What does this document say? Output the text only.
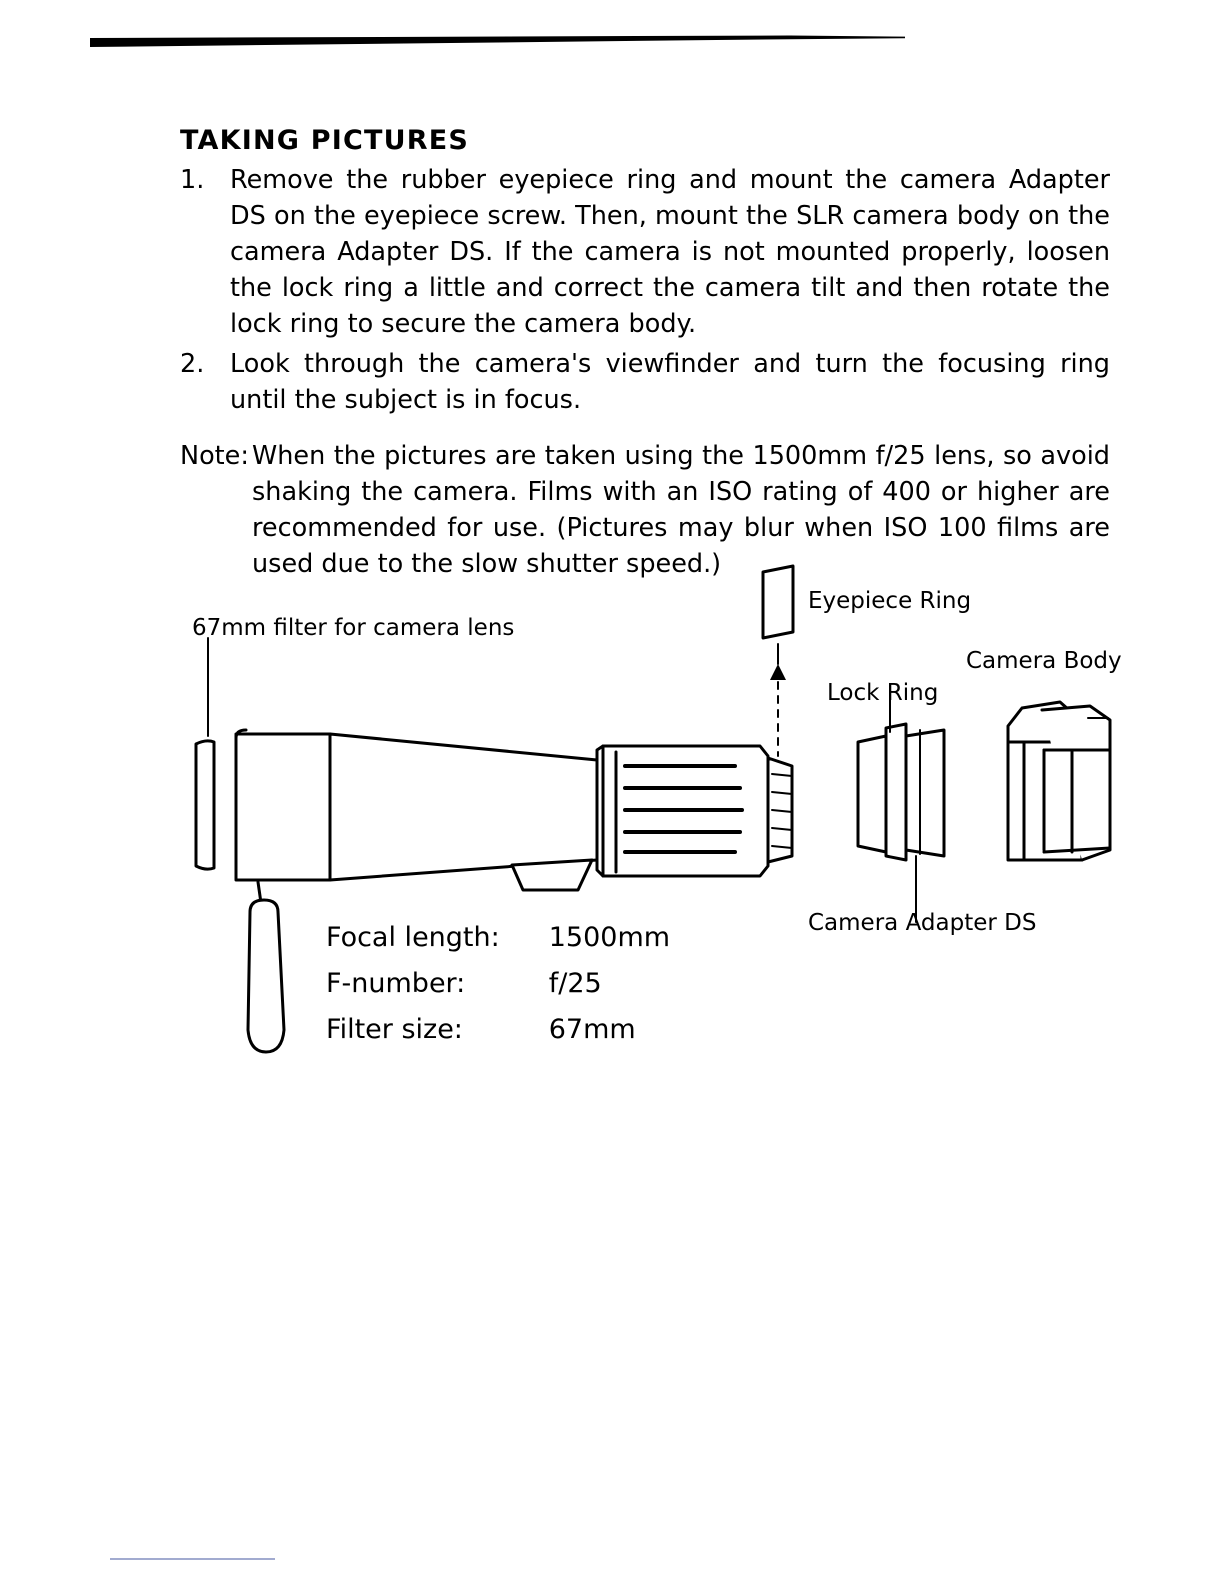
TAKING PICTURES
1.	Remove the rubber eyepiece ring and mount the camera Adapter DS on the eyepiece screw. Then, mount the SLR camera body on the camera Adapter DS. If the camera is not mounted properly, loosen the lock ring a little and correct the camera tilt and then rotate the lock ring to secure the camera body.
2.	Look through the camera's viewfinder and turn the focusing ring until the subject is in focus.
Note: When the pictures are taken using the 1500mm f/25 lens, so avoid shaking the camera. Films with an ISO rating of 400 or higher are recommended for use. (Pictures may blur when ISO 100 films are used due to the slow shutter speed.)
67mm filter for camera lens
Eyepiece Ring
Camera Body
Lock Ring
Camera Adapter DS
Focal length:	1500mm
F-number:	f/25
Filter size:	67mm
